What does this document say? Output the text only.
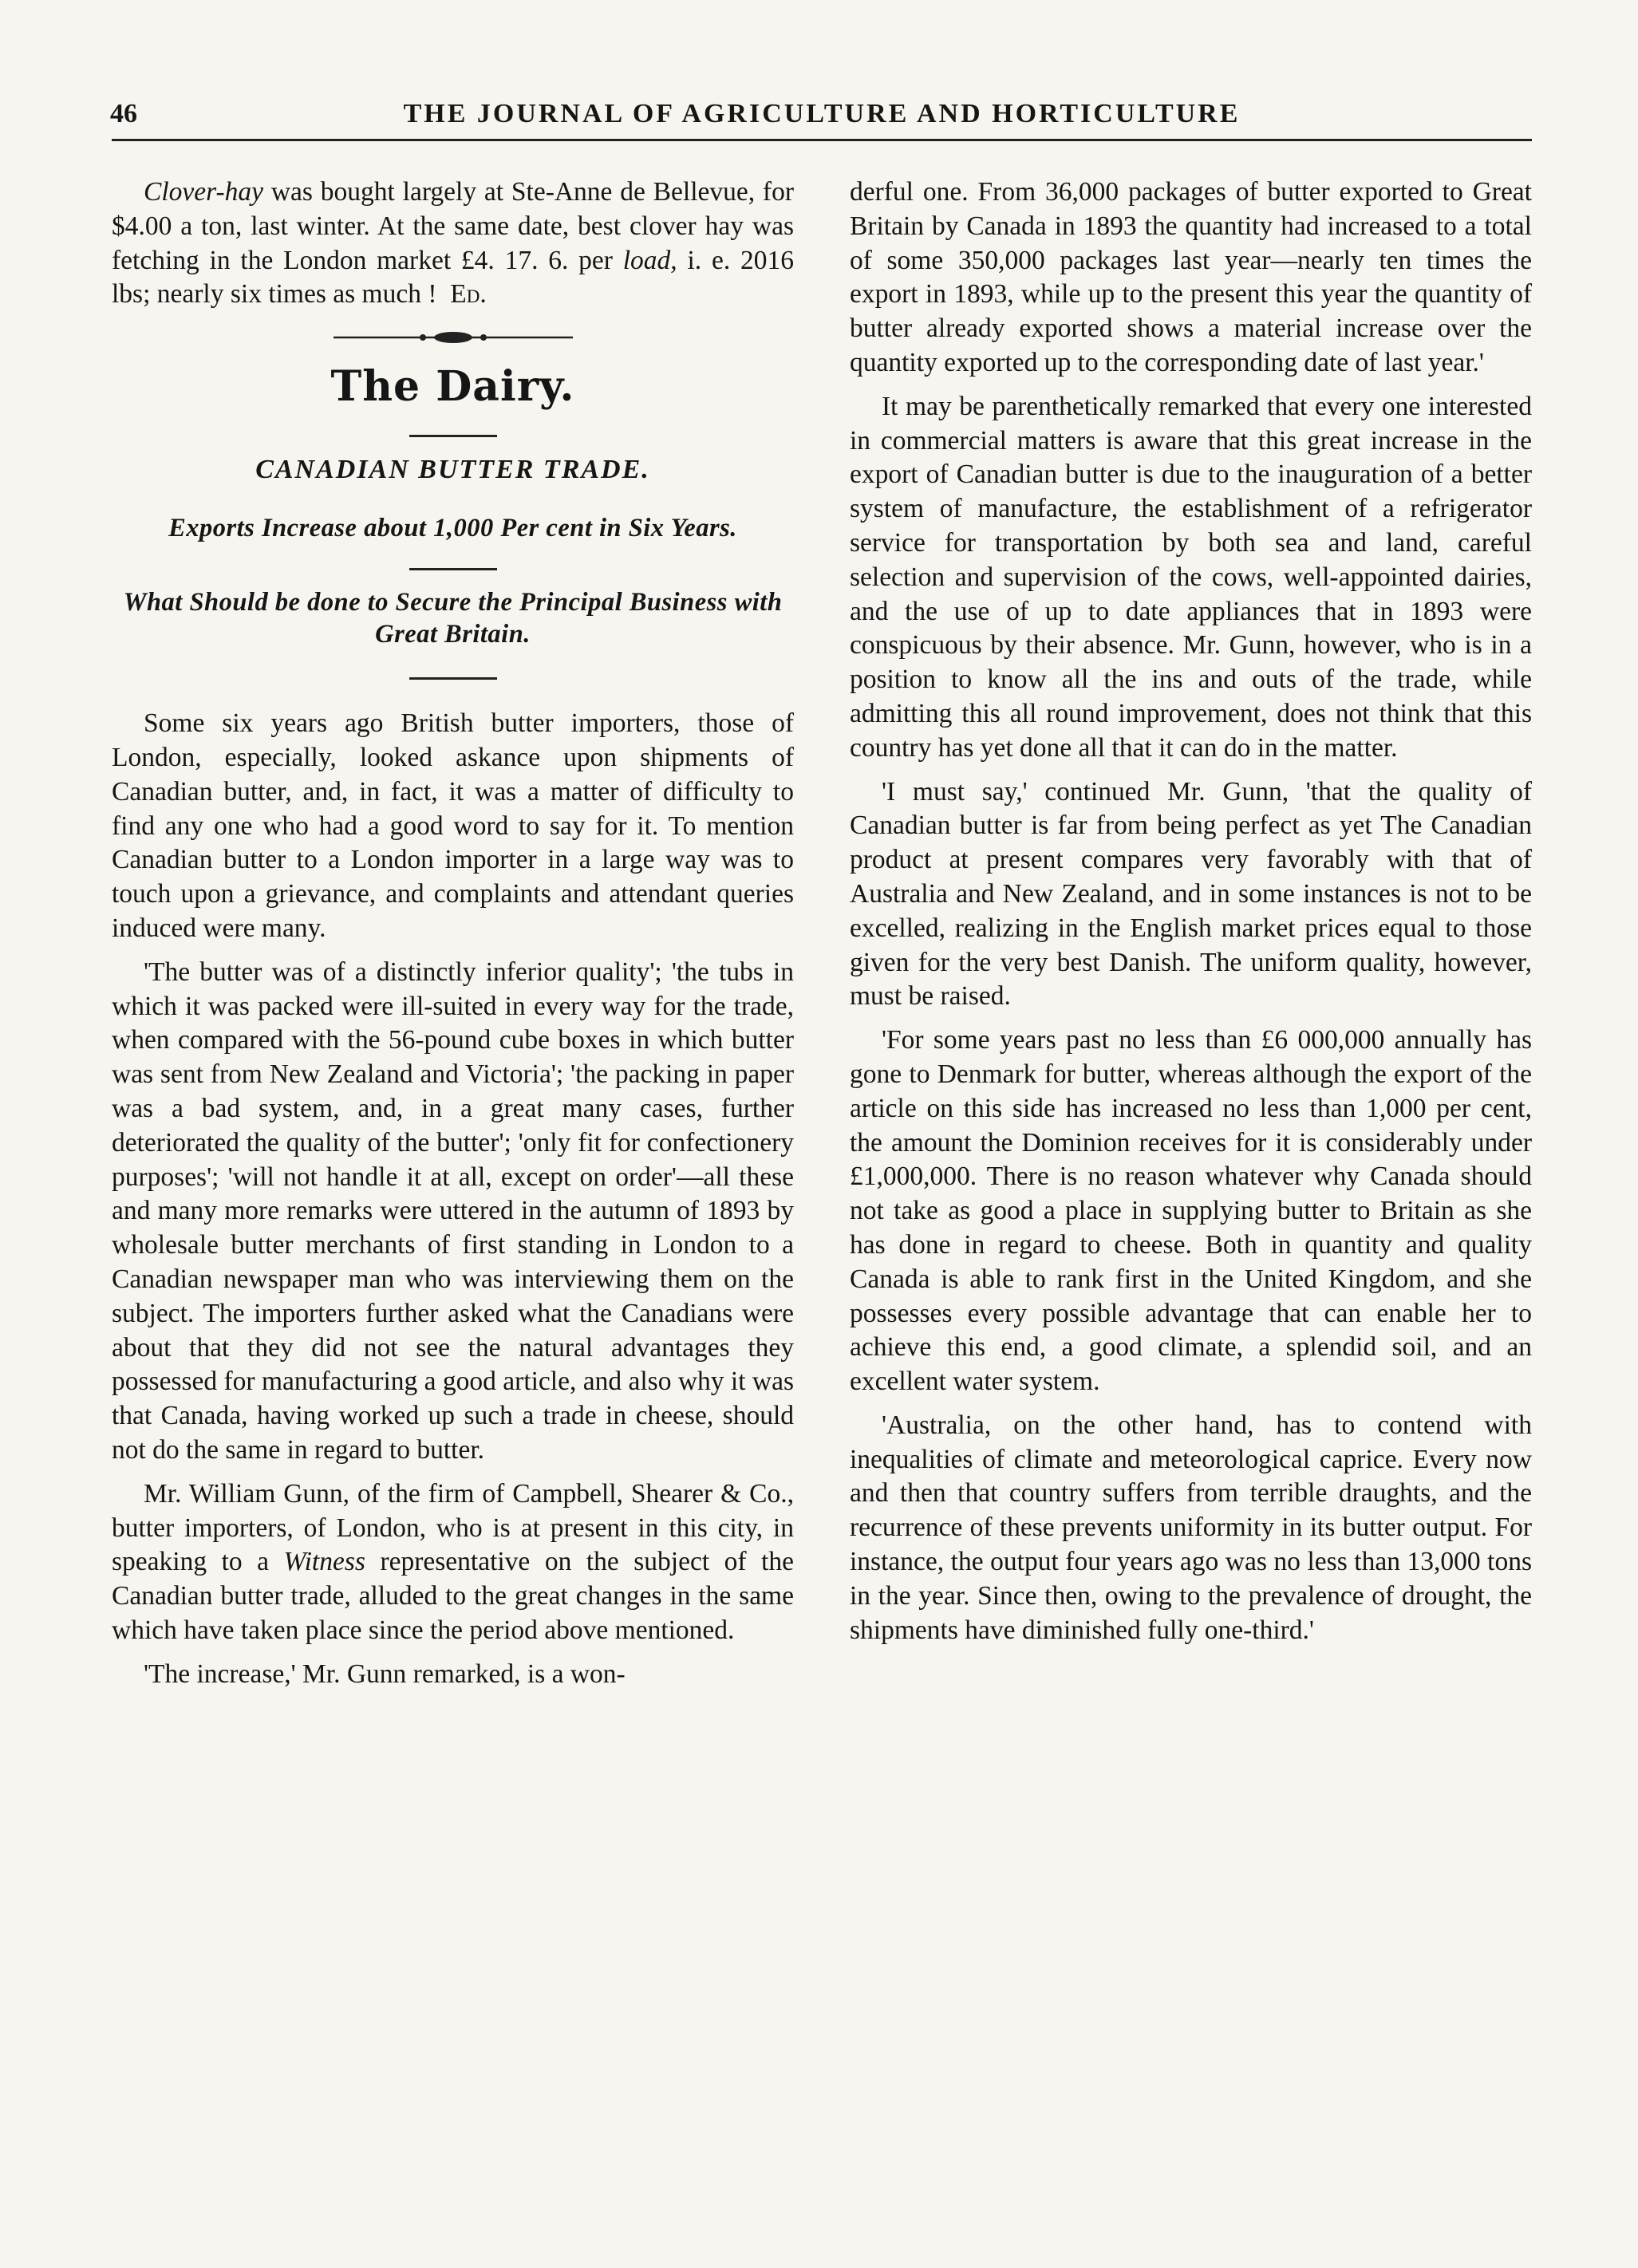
46	THE JOURNAL OF AGRICULTURE AND HORTICULTURE

Clover-hay was bought largely at Ste-Anne de Bellevue, for $4.00 a ton, last winter. At the same date, best clover hay was fetching in the London market £4. 17. 6. per load, i. e. 2016 lbs; nearly six times as much ! Ed.

The Dairy.
CANADIAN BUTTER TRADE.
Exports Increase about 1,000 Per cent in Six Years.
What Should be done to Secure the Principal Business with Great Britain.

Some six years ago British butter importers, those of London, especially, looked askance upon shipments of Canadian butter, and, in fact, it was a matter of difficulty to find any one who had a good word to say for it. To mention Canadian butter to a London importer in a large way was to touch upon a grievance, and complaints and attendant queries induced were many.

'The butter was of a distinctly inferior quality'; 'the tubs in which it was packed were ill-suited in every way for the trade, when compared with the 56-pound cube boxes in which butter was sent from New Zealand and Victoria'; 'the packing in paper was a bad system, and, in a great many cases, further deteriorated the quality of the butter'; 'only fit for confectionery purposes'; 'will not handle it at all, except on order'—all these and many more remarks were uttered in the autumn of 1893 by wholesale butter merchants of first standing in London to a Canadian newspaper man who was interviewing them on the subject. The importers further asked what the Canadians were about that they did not see the natural advantages they possessed for manufacturing a good article, and also why it was that Canada, having worked up such a trade in cheese, should not do the same in regard to butter.

Mr. William Gunn, of the firm of Campbell, Shearer & Co., butter importers, of London, who is at present in this city, in speaking to a Witness representative on the subject of the Canadian butter trade, alluded to the great changes in the same which have taken place since the period above mentioned.

'The increase,' Mr. Gunn remarked, is a won-

derful one. From 36,000 packages of butter exported to Great Britain by Canada in 1893 the quantity had increased to a total of some 350,000 packages last year—nearly ten times the export in 1893, while up to the present this year the quantity of butter already exported shows a material increase over the quantity exported up to the corresponding date of last year.'

It may be parenthetically remarked that every one interested in commercial matters is aware that this great increase in the export of Canadian butter is due to the inauguration of a better system of manufacture, the establishment of a refrigerator service for transportation by both sea and land, careful selection and supervision of the cows, well-appointed dairies, and the use of up to date appliances that in 1893 were conspicuous by their absence. Mr. Gunn, however, who is in a position to know all the ins and outs of the trade, while admitting this all round improvement, does not think that this country has yet done all that it can do in the matter.

'I must say,' continued Mr. Gunn, 'that the quality of Canadian butter is far from being perfect as yet The Canadian product at present compares very favorably with that of Australia and New Zealand, and in some instances is not to be excelled, realizing in the English market prices equal to those given for the very best Danish. The uniform quality, however, must be raised.

'For some years past no less than £6 000,000 annually has gone to Denmark for butter, whereas although the export of the article on this side has increased no less than 1,000 per cent, the amount the Dominion receives for it is considerably under £1,000,000. There is no reason whatever why Canada should not take as good a place in supplying butter to Britain as she has done in regard to cheese. Both in quantity and quality Canada is able to rank first in the United Kingdom, and she possesses every possible advantage that can enable her to achieve this end, a good climate, a splendid soil, and an excellent water system.

'Australia, on the other hand, has to contend with inequalities of climate and meteorological caprice. Every now and then that country suffers from terrible draughts, and the recurrence of these prevents uniformity in its butter output. For instance, the output four years ago was no less than 13,000 tons in the year. Since then, owing to the prevalence of drought, the shipments have diminished fully one-third.'
